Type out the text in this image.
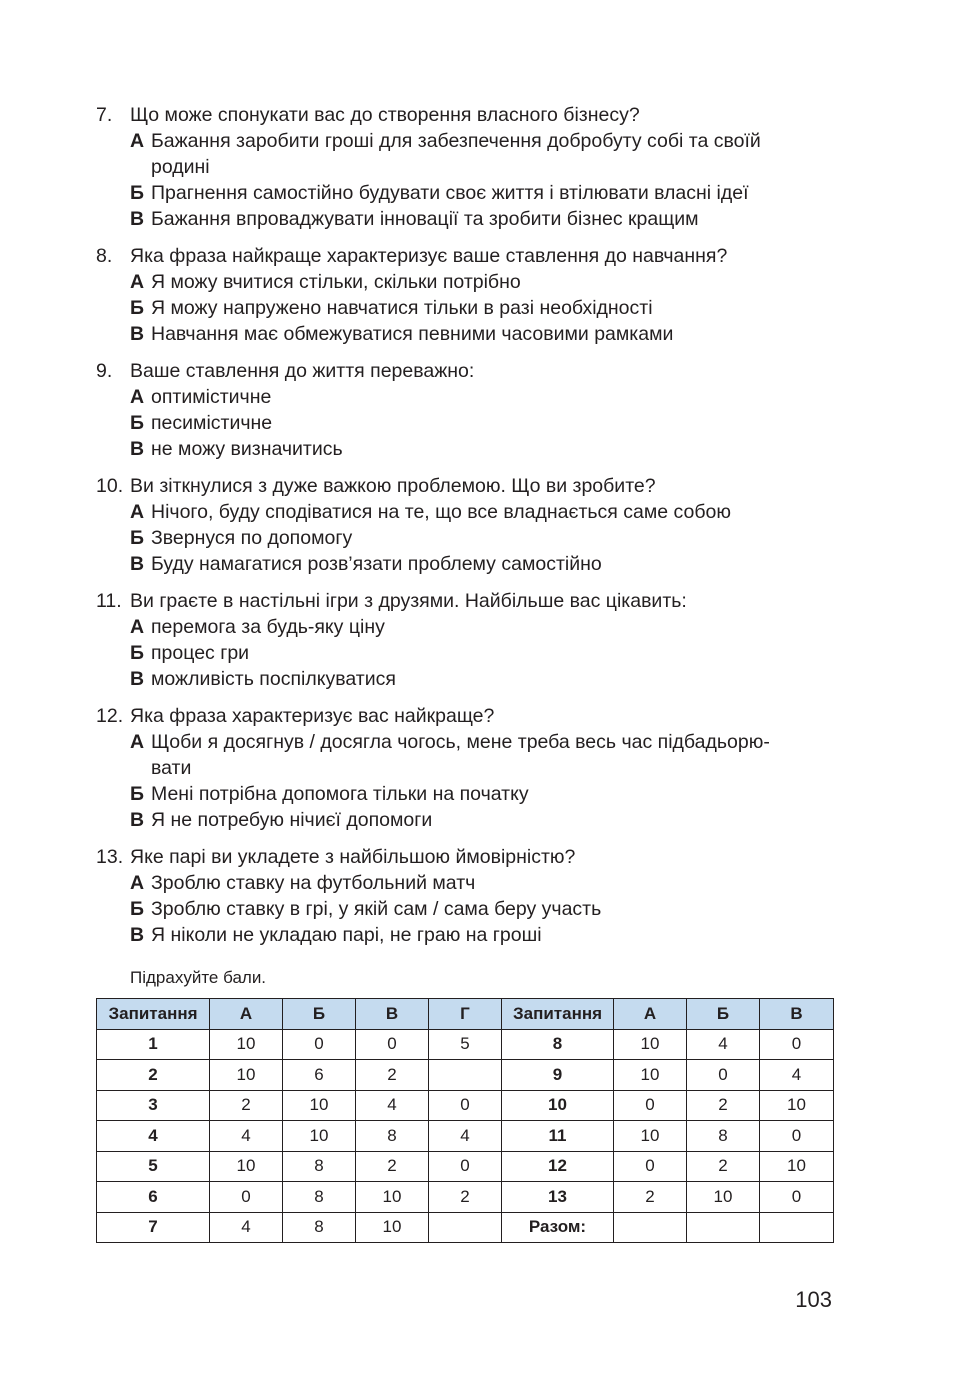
7. Що може спонукати вас до створення власного бізнесу?
А Бажання заробити гроші для забезпечення добробуту собі та своїй
родині
Б Прагнення самостійно будувати своє життя і втілювати власні ідеї
В Бажання впроваджувати інновації та зробити бізнес кращим
8. Яка фраза найкраще характеризує ваше ставлення до навчання?
А Я можу вчитися стільки, скільки потрібно
Б Я можу напружено навчатися тільки в разі необхідності
В Навчання має обмежуватися певними часовими рамками
9. Ваше ставлення до життя переважно:
А оптимістичне
Б песимістичне
В не можу визначитись
10. Ви зіткнулися з дуже важкою проблемою. Що ви зробите?
А Нічого, буду сподіватися на те, що все владнається саме собою
Б Звернуся по допомогу
В Буду намагатися розв’язати проблему самостійно
11. Ви граєте в настільні ігри з друзями. Найбільше вас цікавить:
А перемога за будь-яку ціну
Б процес гри
В можливість поспілкуватися
12. Яка фраза характеризує вас найкраще?
А Щоби я досягнув / досягла чогось, мене треба весь час підбадьорю-
вати
Б Мені потрібна допомога тільки на початку
В Я не потребую нічиєї допомоги
13. Яке парі ви укладете з найбільшою ймовірністю?
А Зроблю ставку на футбольний матч
Б Зроблю ставку в грі, у якій сам / сама беру участь
В Я ніколи не укладаю парі, не граю на гроші
Підрахуйте бали.
Запитання	А	Б	В	Г	Запитання	А	Б	В
1	10	0	0	5	8	10	4	0
2	10	6	2		9	10	0	4
3	2	10	4	0	10	0	2	10
4	4	10	8	4	11	10	8	0
5	10	8	2	0	12	0	2	10
6	0	8	10	2	13	2	10	0
7	4	8	10		Разом:			
103
